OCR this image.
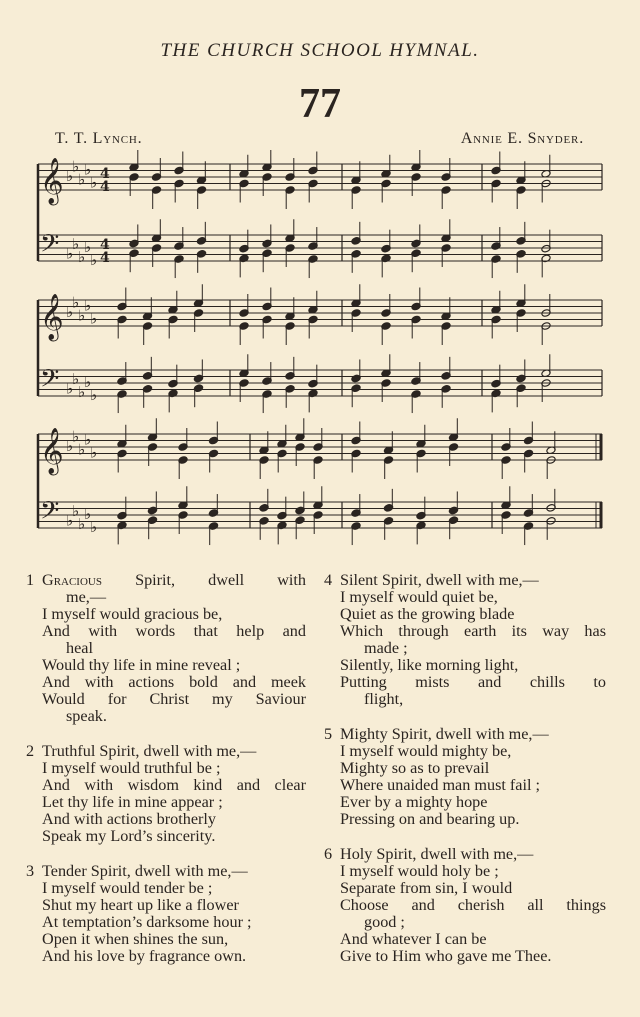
THE CHURCH SCHOOL HYMNAL.
77
T. T. Lynch.	Annie E. Snyder.
𝄞 ♭
♭
♭
♭
♭ 4
4
𝄢 ♭
♭
♭
♭
♭
4
4
𝄞 ♭
♭
♭
♭
♭
𝄢 ♭
♭
♭
♭
♭
𝄞 ♭
♭
♭
♭
♭
𝄢 ♭
♭
♭
♭
♭
1 Gracious Spirit, dwell with
me,—
I myself would gracious be,
And with words that help and
heal
Would thy life in mine reveal ;
And with actions bold and meek
Would for Christ my Saviour
speak.
2 Truthful Spirit, dwell with me,—
I myself would truthful be ;
And with wisdom kind and clear
Let thy life in mine appear ;
And with actions brotherly
Speak my Lord’s sincerity.
3 Tender Spirit, dwell with me,—
I myself would tender be ;
Shut my heart up like a flower
At temptation’s darksome hour ;
Open it when shines the sun,
And his love by fragrance own.
4 Silent Spirit, dwell with me,—
I myself would quiet be,
Quiet as the growing blade
Which through earth its way has
made ;
Silently, like morning light,
Putting mists and chills to
flight,
5 Mighty Spirit, dwell with me,—
I myself would mighty be,
Mighty so as to prevail
Where unaided man must fail ;
Ever by a mighty hope
Pressing on and bearing up.
6 Holy Spirit, dwell with me,—
I myself would holy be ;
Separate from sin, I would
Choose and cherish all things
good ;
And whatever I can be
Give to Him who gave me Thee.
